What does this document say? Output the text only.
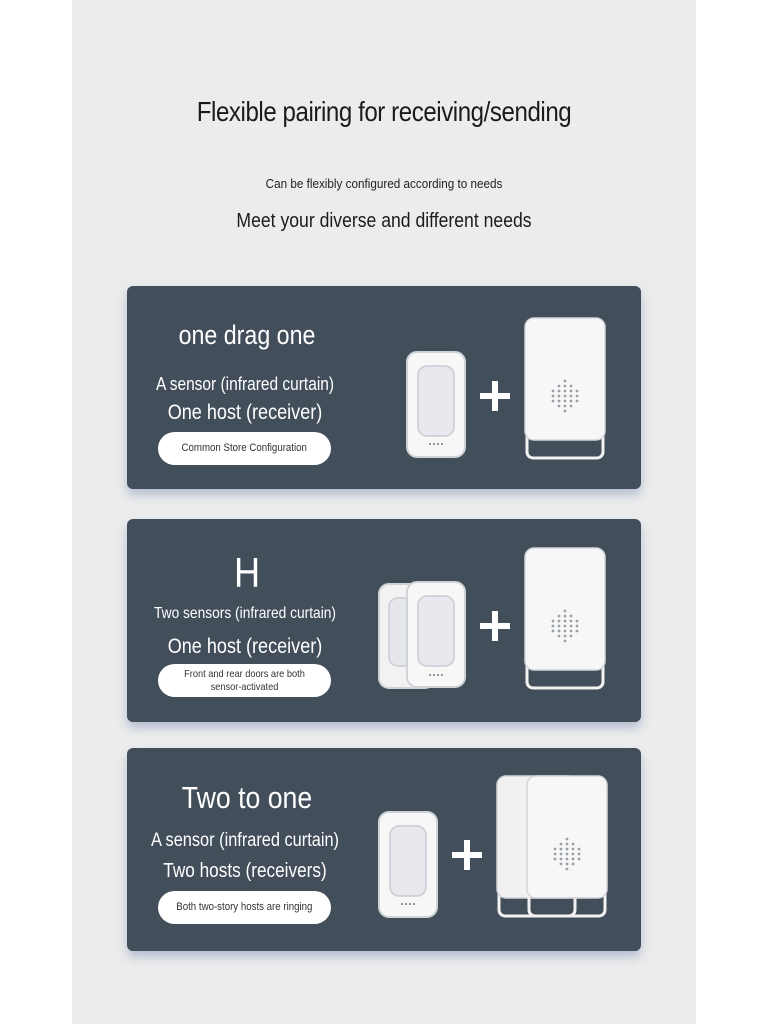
Flexible pairing for receiving/sending
Can be flexibly configured according to needs
Meet your diverse and different needs
one drag one
A sensor (infrared curtain)
One host (receiver)
Common Store Configuration
H
Two sensors (infrared curtain)
One host (receiver)
Front and rear doors are both sensor-activated
Two to one
A sensor (infrared curtain)
Two hosts (receivers)
Both two-story hosts are ringing
